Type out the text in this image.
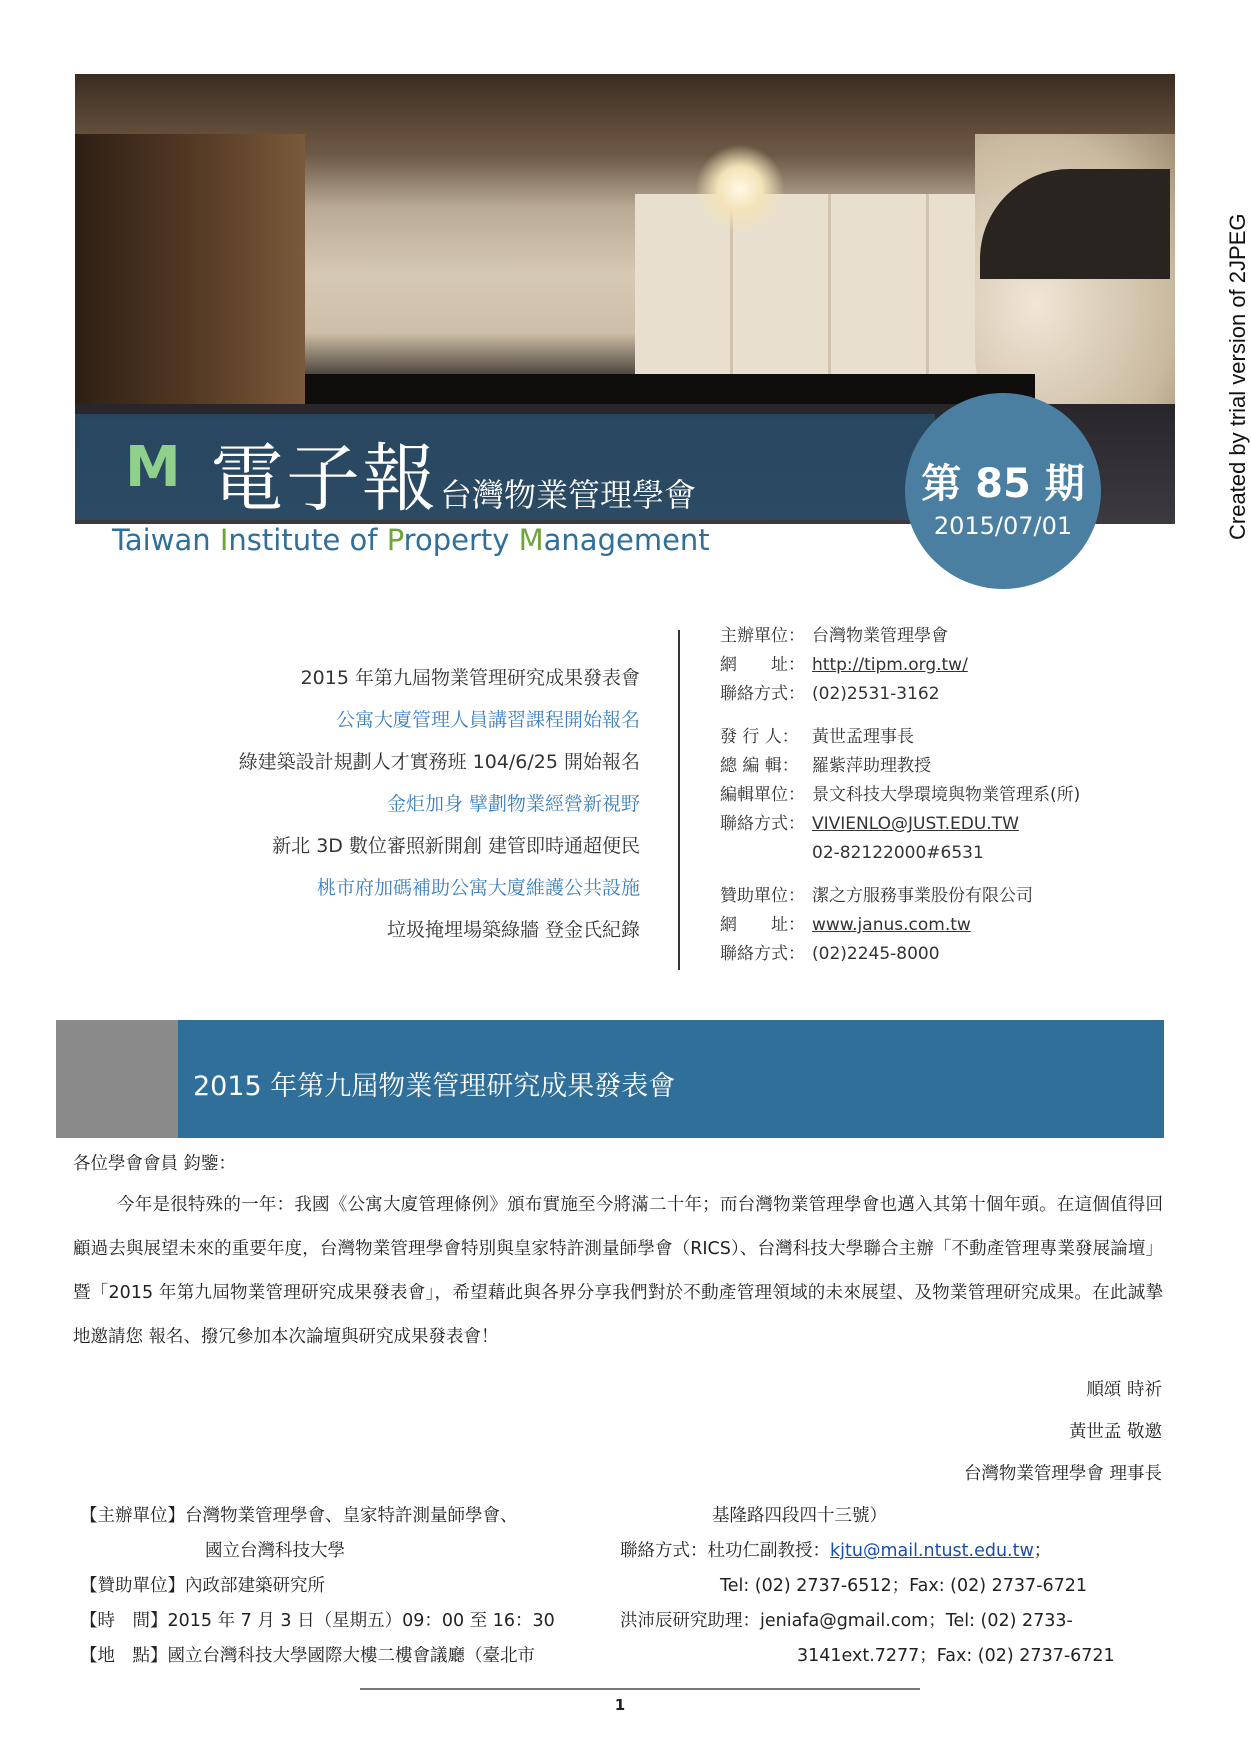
M 電子報 台灣物業管理學會	第 85 期
2015/07/01
Taiwan Institute of Property Management
2015 年第九屆物業管理研究成果發表會
公寓大廈管理人員講習課程開始報名
綠建築設計規劃人才實務班 104/6/25 開始報名
金炬加身 擘劃物業經營新視野
新北 3D 數位審照新開創 建管即時通超便民
桃市府加碼補助公寓大廈維護公共設施
垃圾掩埋場築綠牆 登金氏紀錄
主辦單位： 台灣物業管理學會
網　　址： http://tipm.org.tw/
聯絡方式： (02)2531-3162
發 行 人： 黃世孟理事長
總 編 輯： 羅紫萍助理教授
編輯單位： 景文科技大學環境與物業管理系(所)
聯絡方式： VIVIENLO@JUST.EDU.TW
02-82122000#6531
贊助單位： 潔之方服務事業股份有限公司
網　　址： www.janus.com.tw
聯絡方式： (02)2245-8000
2015 年第九屆物業管理研究成果發表會
各位學會會員 鈞鑒：
今年是很特殊的一年：我國《公寓大廈管理條例》頒布實施至今將滿二十年；而台灣物業管理學會也邁入其第十個年頭。在這個值得回顧過去與展望未來的重要年度，台灣物業管理學會特別與皇家特許測量師學會（RICS）、台灣科技大學聯合主辦「不動產管理專業發展論壇」暨「2015 年第九屆物業管理研究成果發表會」，希望藉此與各界分享我們對於不動產管理領域的未來展望、及物業管理研究成果。在此誠摯地邀請您 報名、撥冗參加本次論壇與研究成果發表會！
順頌 時祈
黃世孟 敬邀
台灣物業管理學會 理事長
【主辦單位】台灣物業管理學會、皇家特許測量師學會、
國立台灣科技大學
【贊助單位】內政部建築研究所
【時　間】2015 年 7 月 3 日（星期五）09：00 至 16：30
【地　點】國立台灣科技大學國際大樓二樓會議廳（臺北市
基隆路四段四十三號）
聯絡方式：杜功仁副教授：kjtu@mail.ntust.edu.tw；
Tel: (02) 2737-6512；Fax: (02) 2737-6721
洪沛辰研究助理：jeniafa@gmail.com；Tel: (02) 2733-
3141ext.7277；Fax: (02) 2737-6721
1
Created by trial version of 2JPEG
